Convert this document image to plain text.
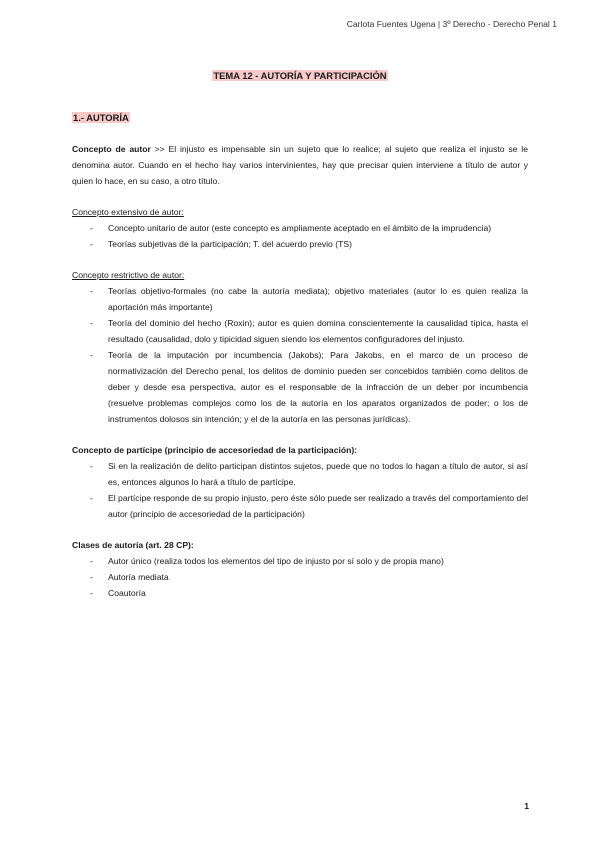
Carlota Fuentes Ugena | 3º Derecho - Derecho Penal 1
TEMA 12 - AUTORÍA Y PARTICIPACIÓN
1.- AUTORÍA

Concepto de autor >> El injusto es impensable sin un sujeto que lo realice; al sujeto que realiza el injusto se le denomina autor. Cuando en el hecho hay varios intervinientes, hay que precisar quien interviene a título de autor y quien lo hace, en su caso, a otro título.

Concepto extensivo de autor:
- Concepto unitario de autor (este concepto es ampliamente aceptado en el ámbito de la imprudencia)
- Teorías subjetivas de la participación; T. del acuerdo previo (TS)
Concepto restrictivo de autor:
- Teorías objetivo-formales (no cabe la autoría mediata); objetivo materiales (autor lo es quien realiza la aportación más importante)
- Teoría del dominio del hecho (Roxin); autor es quien domina conscientemente la causalidad típica, hasta el resultado (causalidad, dolo y tipicidad siguen siendo los elementos configuradores del injusto.
- Teoría de la imputación por incumbencia (Jakobs); Para Jakobs, en el marco de un proceso de normativización del Derecho penal, los delitos de dominio pueden ser concebidos también como delitos de deber y desde esa perspectiva, autor es el responsable de la infracción de un deber por incumbencia (resuelve problemas complejos como los de la autoría en los aparatos organizados de poder; o los de instrumentos dolosos sin intención; y el de la autoría en las personas jurídicas).
Concepto de partícipe (principio de accesoriedad de la participación):
- Si en la realización de delito participan distintos sujetos, puede que no todos lo hagan a título de autor, si así es, entonces algunos lo hará a título de partícipe.
- El partícipe responde de su propio injusto, pero éste sólo puede ser realizado a través del comportamiento del autor (principio de accesoriedad de la participación)
Clases de autoría (art. 28 CP):
- Autor único (realiza todos los elementos del tipo de injusto por sí solo y de propia mano)
- Autoría mediata
- Coautoría
1
